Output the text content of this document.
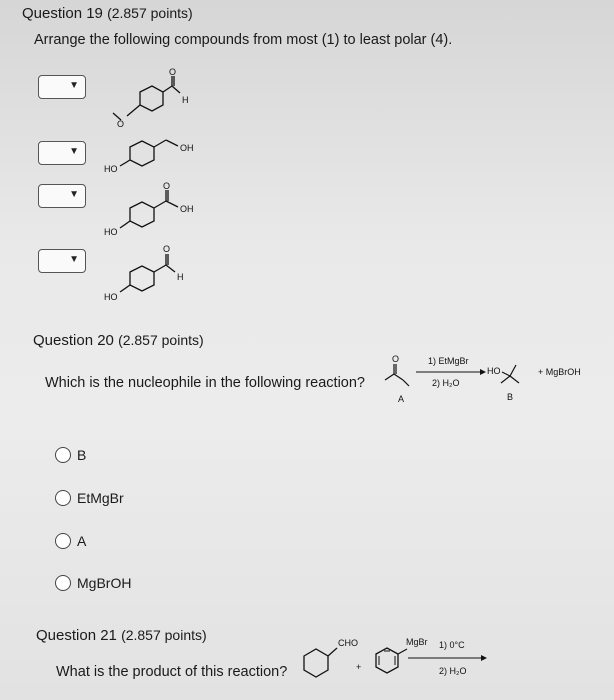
Question 19 (2.857 points)
Arrange the following compounds from most (1) to least polar (4).
▼
▼
▼
▼
O
H
O
OH
HO
O
OH
HO
O
H
HO
Question 20 (2.857 points)
Which is the nucleophile in the following reaction?
O
A
1) EtMgBr
2) H₂O
HO
B
+ MgBrOH
B
EtMgBr
A
MgBrOH
Question 21 (2.857 points)
What is the product of this reaction?
CHO
+
MgBr 1) 0°C
2) H₂O
